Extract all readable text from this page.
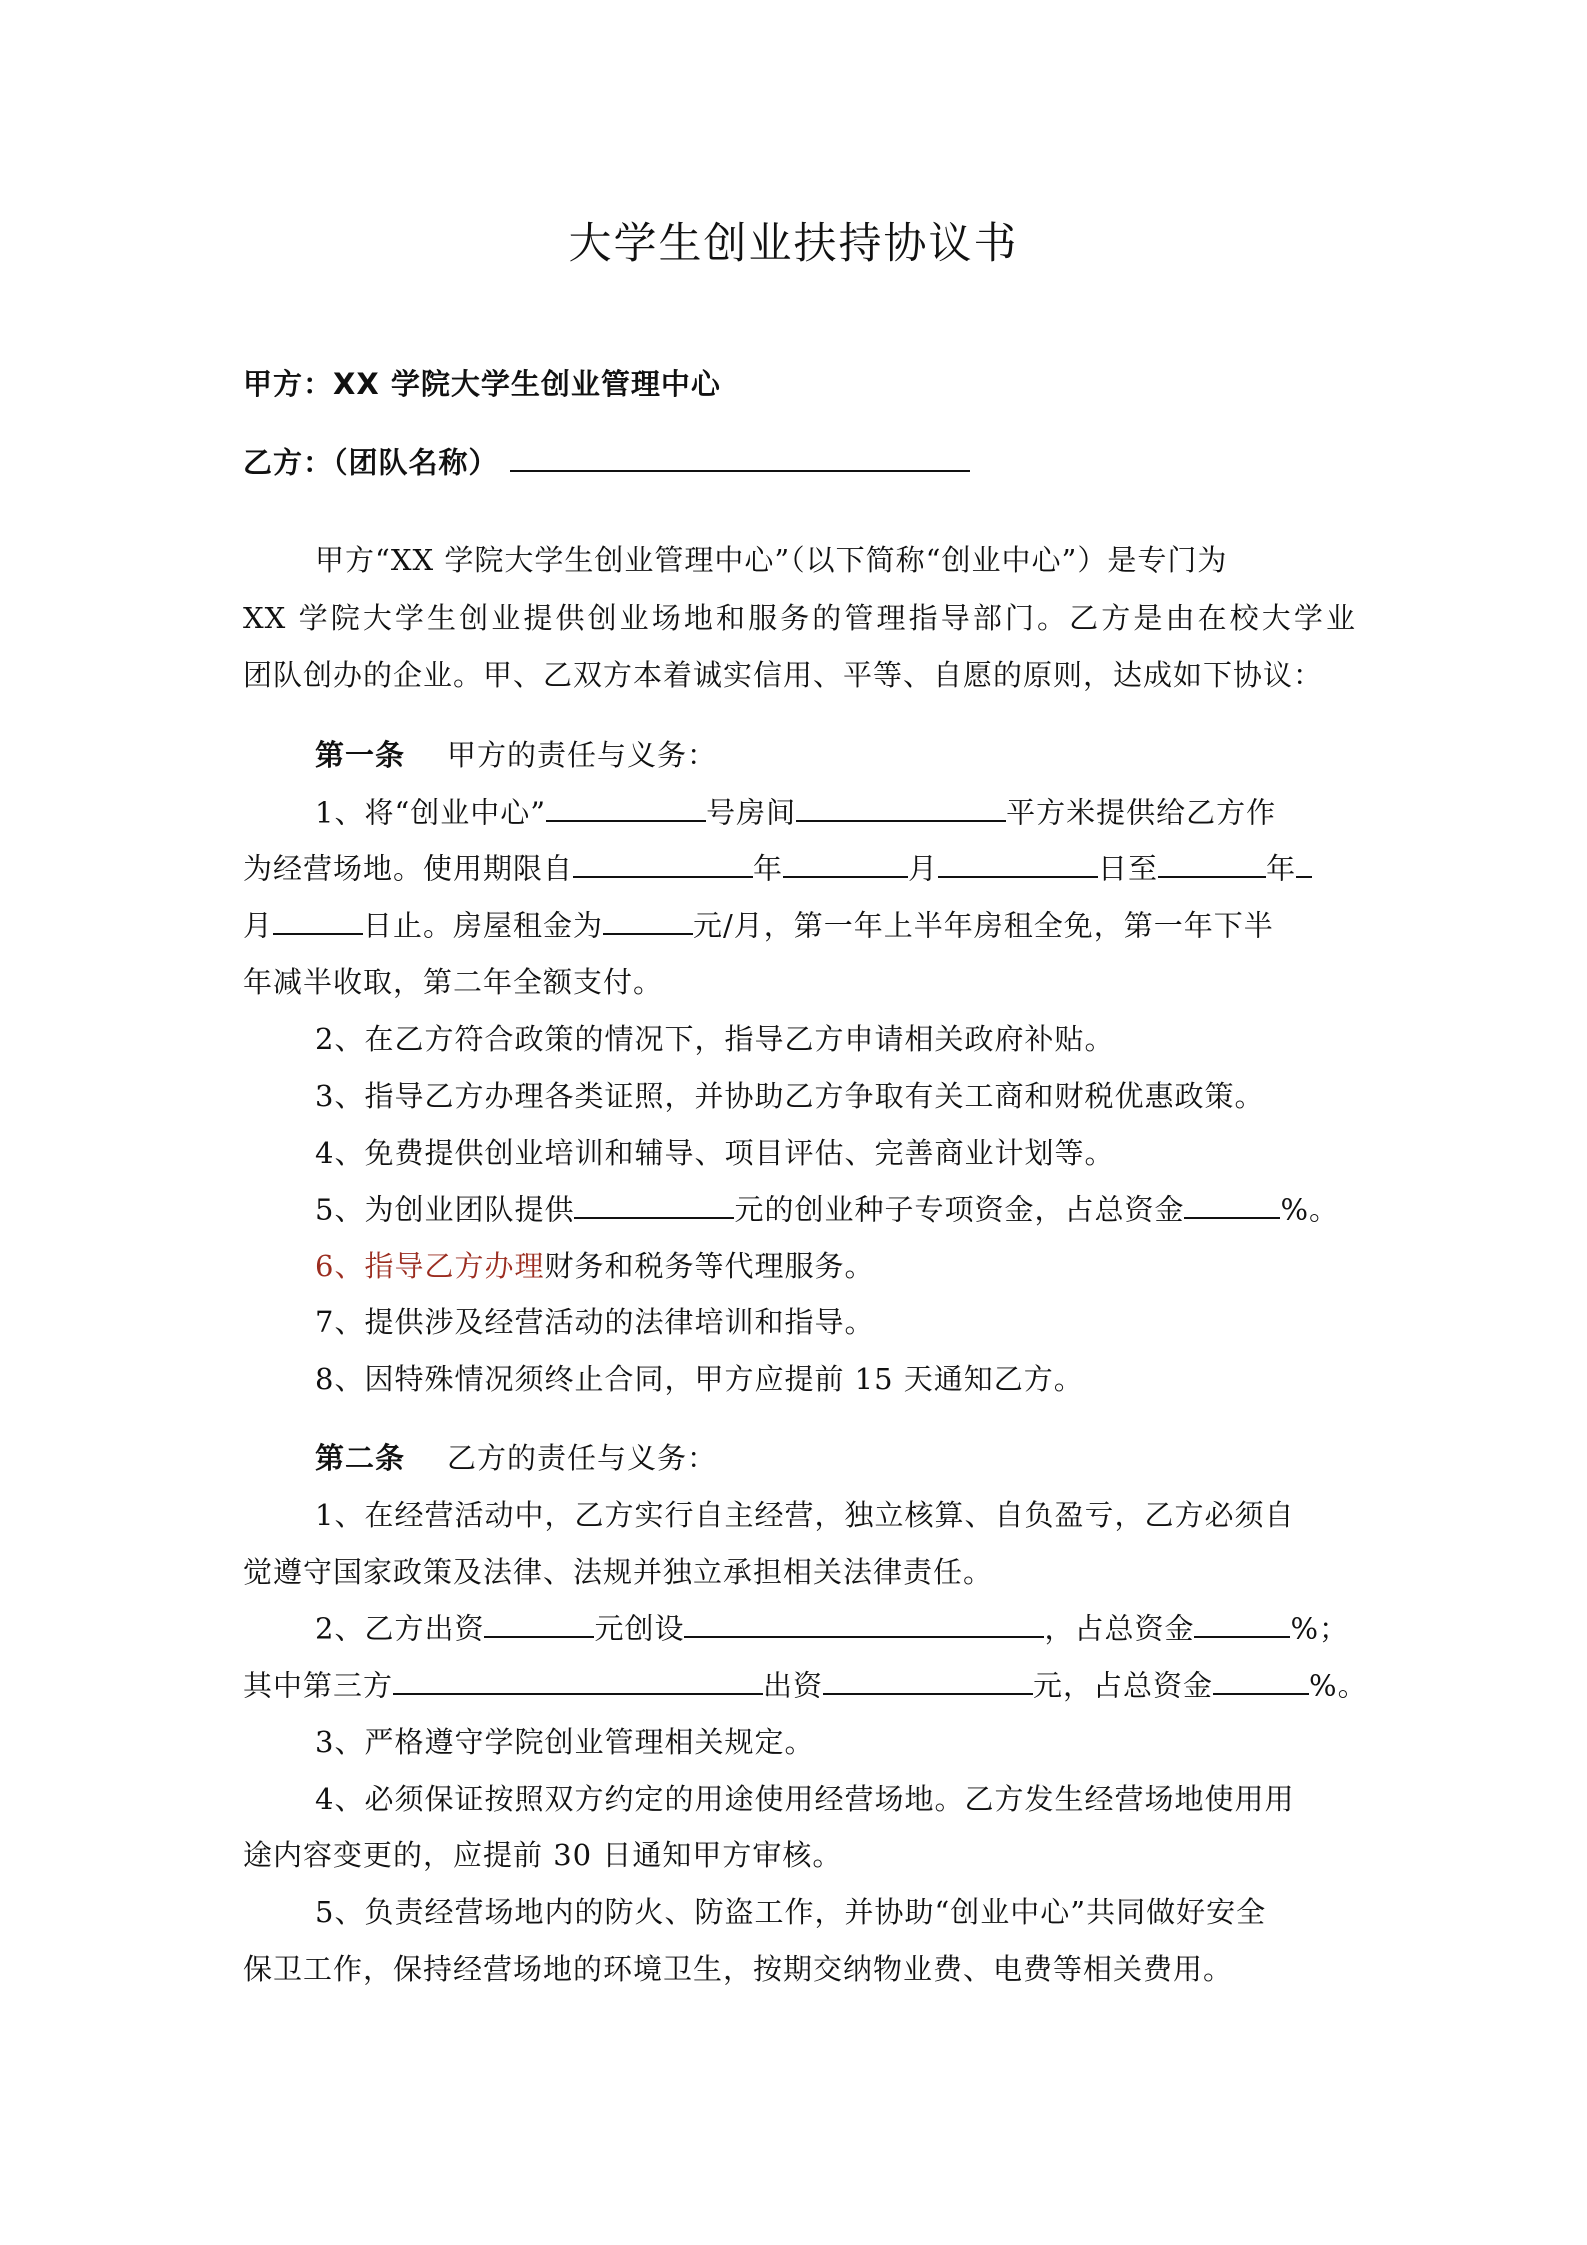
大学生创业扶持协议书
甲方：XX 学院大学生创业管理中心
乙方：（团队名称）
甲方“XX 学院大学生创业管理中心”（以下简称“创业中心”）是专门为
XX 学院大学生创业提供创业场地和服务的管理指导部门。乙方是由在校大学业
团队创办的企业。甲、乙双方本着诚实信用、平等、自愿的原则，达成如下协议：
第一条 甲方的责任与义务：
1、将“创业中心”	号房间	平方米提供给乙方作
为经营场地。使用期限自	年	月	日至	年
月	日止。房屋租金为	元/月，第一年上半年房租全免，第一年下半
年减半收取，第二年全额支付。
2、在乙方符合政策的情况下，指导乙方申请相关政府补贴。
3、指导乙方办理各类证照，并协助乙方争取有关工商和财税优惠政策。
4、免费提供创业培训和辅导、项目评估、完善商业计划等。
5、为创业团队提供	元的创业种子专项资金，占总资金	%。
6、指导乙方办理财务和税务等代理服务。
7、提供涉及经营活动的法律培训和指导。
8、因特殊情况须终止合同，甲方应提前 15 天通知乙方。
第二条 乙方的责任与义务：
1、在经营活动中，乙方实行自主经营，独立核算、自负盈亏，乙方必须自
觉遵守国家政策及法律、法规并独立承担相关法律责任。
2、乙方出资	元创设	，占总资金	%；
其中第三方	出资	元，占总资金	%。
3、严格遵守学院创业管理相关规定。
4、必须保证按照双方约定的用途使用经营场地。乙方发生经营场地使用用
途内容变更的，应提前 30 日通知甲方审核。
5、负责经营场地内的防火、防盗工作，并协助“创业中心”共同做好安全
保卫工作，保持经营场地的环境卫生，按期交纳物业费、电费等相关费用。
